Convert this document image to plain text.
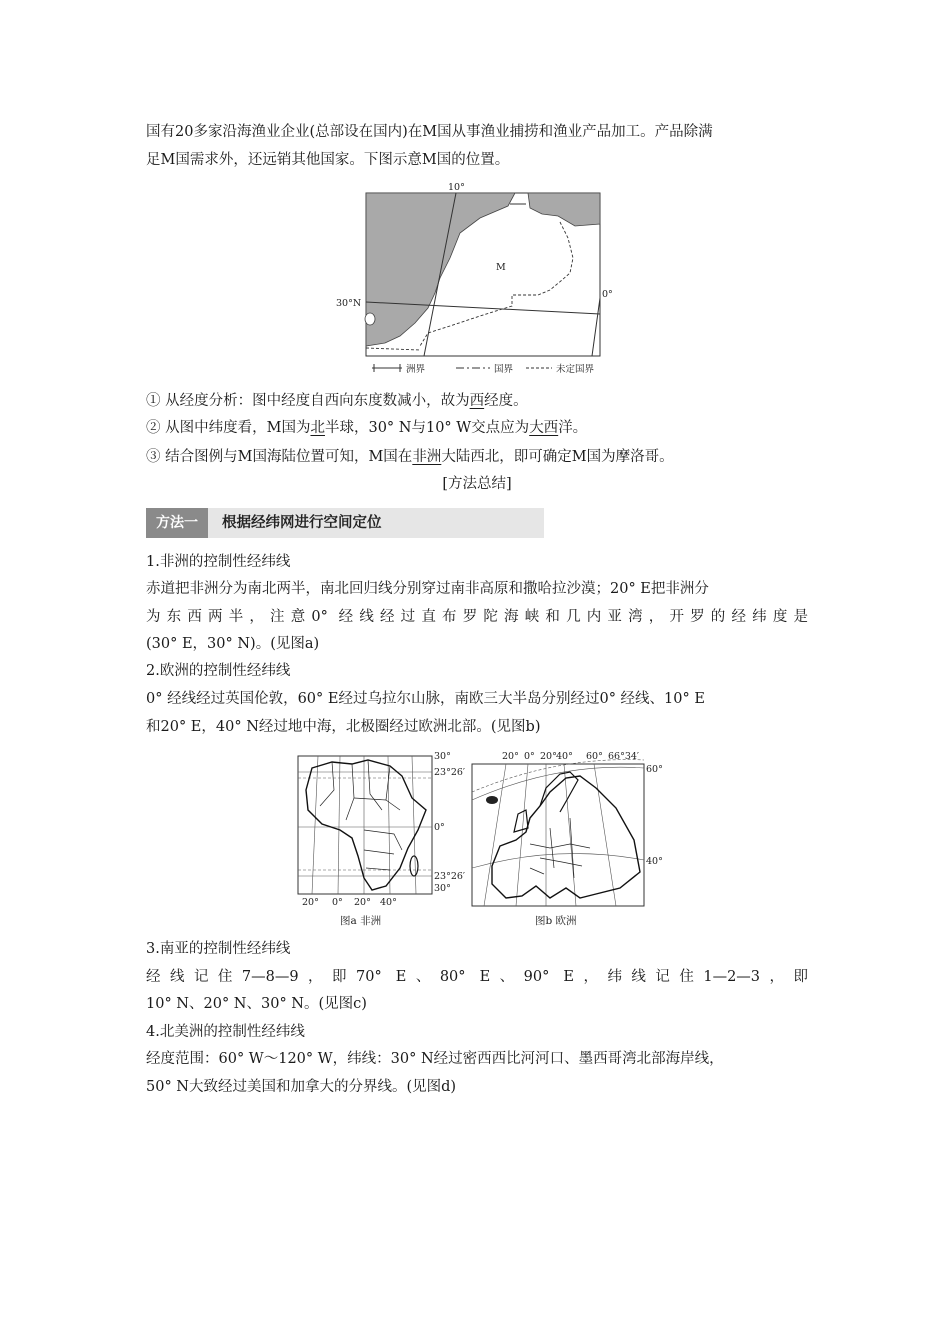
国有20多家沿海渔业企业(总部设在国内)在M国从事渔业捕捞和渔业产品加工。产品除满
足M国需求外，还远销其他国家。下图示意M国的位置。
10°
M
0°
30°N
洲界	国界	未定国界
① 从经度分析：图中经度自西向东度数减小，故为西经度。
② 从图中纬度看，M国为北半球，30° N与10° W交点应为大西洋。
③ 结合图例与M国海陆位置可知，M国在非洲大陆西北，即可确定M国为摩洛哥。
[方法总结]
方法一	根据经纬网进行空间定位
1.非洲的控制性经纬线
赤道把非洲分为南北两半，南北回归线分别穿过南非高原和撒哈拉沙漠；20° E把非洲分
为东西两半，注意0° 经线经过直布罗陀海峡和几内亚湾，开罗的经纬度是
(30° E，30° N)。(见图a)
2.欧洲的控制性经纬线
0° 经线经过英国伦敦，60° E经过乌拉尔山脉，南欧三大半岛分别经过0° 经线、10° E
和20° E，40° N经过地中海，北极圈经过欧洲北部。(见图b)
30°
23°26′
0°
23°26′
30°
20° 0° 20° 40°
图a 非洲
20° 0° 20° 40° 60° 66°34′
60°
40°
图b 欧洲
3.南亚的控制性经纬线
经线记住7—8—9，即70° E、80° E、90° E，纬线记住1—2—3，即
10° N、20° N、30° N。(见图c)
4.北美洲的控制性经纬线
经度范围：60° W～120° W，纬线：30° N经过密西西比河河口、墨西哥湾北部海岸线，
50° N大致经过美国和加拿大的分界线。(见图d)
